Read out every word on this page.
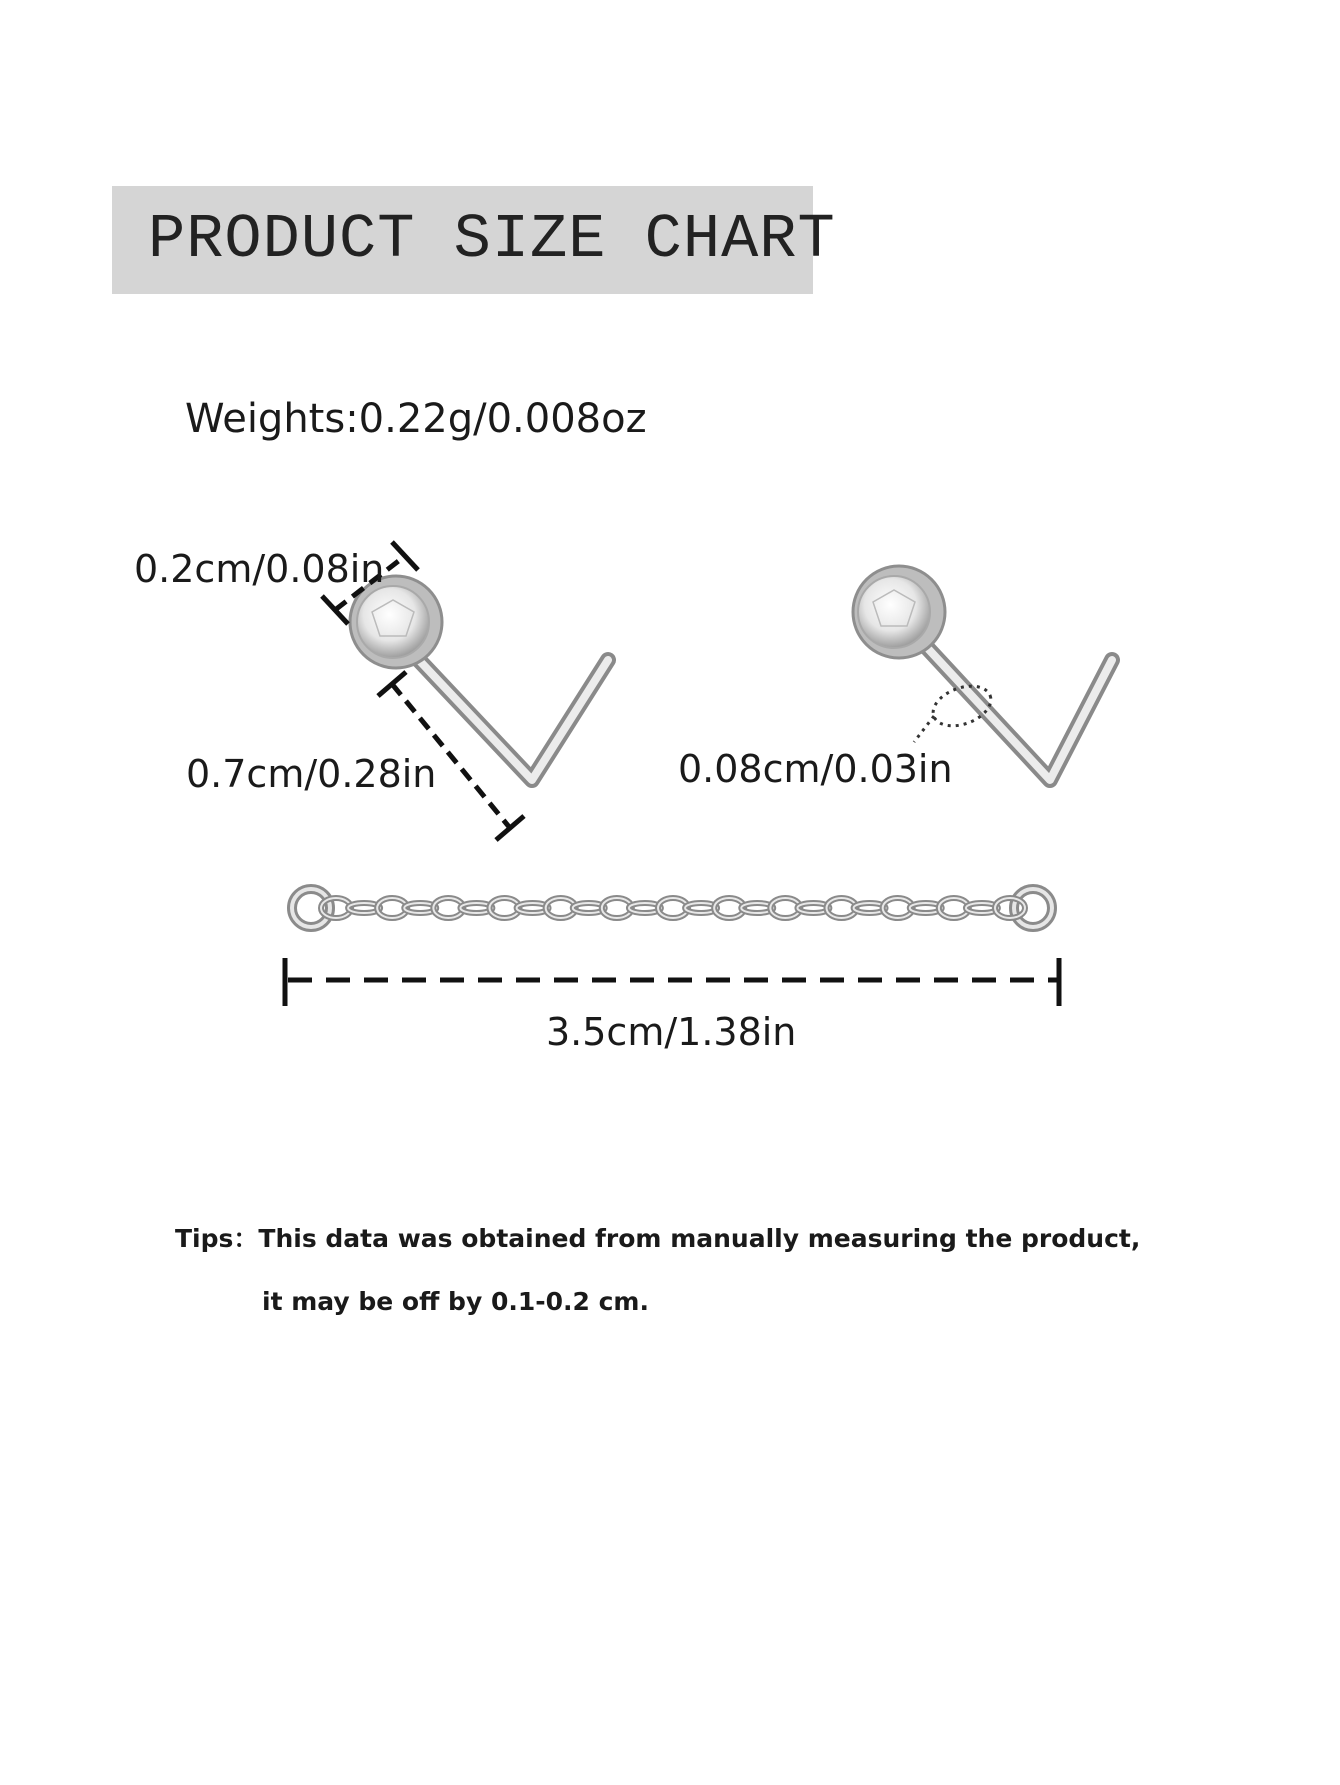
PRODUCT SIZE CHART
Weights:0.22g/0.008oz
0.2cm/0.08in
0.7cm/0.28in	0.08cm/0.03in
3.5cm/1.38in
Tips：This data was obtained from manually measuring the product,
it may be off by 0.1-0.2 cm.
